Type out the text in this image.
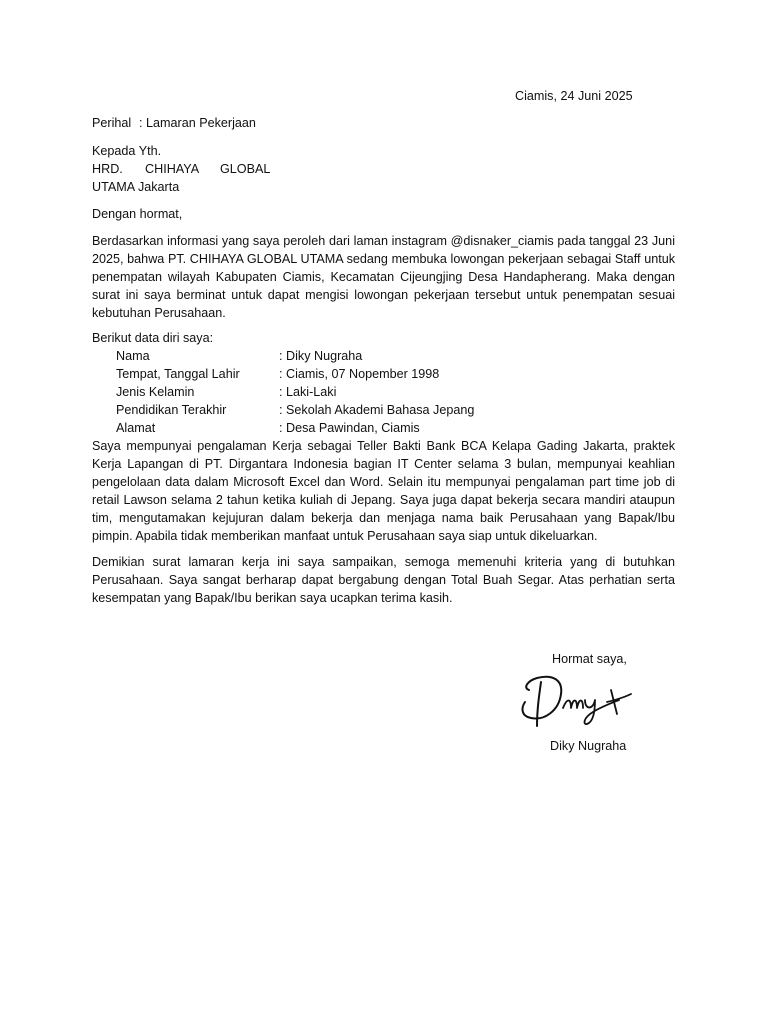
Ciamis, 24 Juni 2025

Perihal : Lamaran Pekerjaan

Kepada Yth.

HRD. CHIHAYA GLOBAL

UTAMA Jakarta

Dengan hormat,

Berdasarkan informasi yang saya peroleh dari laman instagram @disnaker_ciamis pada tanggal 23 Juni 2025, bahwa PT. CHIHAYA GLOBAL UTAMA sedang membuka lowongan pekerjaan sebagai Staff untuk penempatan wilayah Kabupaten Ciamis, Kecamatan Cijeungjing Desa Handapherang. Maka dengan surat ini saya berminat untuk dapat mengisi lowongan pekerjaan tersebut untuk penempatan sesuai kebutuhan Perusahaan.

Berikut data diri saya:

Nama	: Diky Nugraha

Tempat, Tanggal Lahir	: Ciamis, 07 Nopember 1998

Jenis Kelamin	: Laki-Laki

Pendidikan Terakhir	: Sekolah Akademi Bahasa Jepang

Alamat	: Desa Pawindan, Ciamis

Saya mempunyai pengalaman Kerja sebagai Teller Bakti Bank BCA Kelapa Gading Jakarta, praktek Kerja Lapangan di PT. Dirgantara Indonesia bagian IT Center selama 3 bulan, mempunyai keahlian pengelolaan data dalam Microsoft Excel dan Word. Selain itu mempunyai pengalaman part time job di retail Lawson selama 2 tahun ketika kuliah di Jepang. Saya juga dapat bekerja secara mandiri ataupun tim, mengutamakan kejujuran dalam bekerja dan menjaga nama baik Perusahaan yang Bapak/Ibu pimpin. Apabila tidak memberikan manfaat untuk Perusahaan saya siap untuk dikeluarkan.

Demikian surat lamaran kerja ini saya sampaikan, semoga memenuhi kriteria yang di butuhkan Perusahaan. Saya sangat berharap dapat bergabung dengan Total Buah Segar. Atas perhatian serta kesempatan yang Bapak/Ibu berikan saya ucapkan terima kasih.

Hormat saya,

Diky Nugraha
